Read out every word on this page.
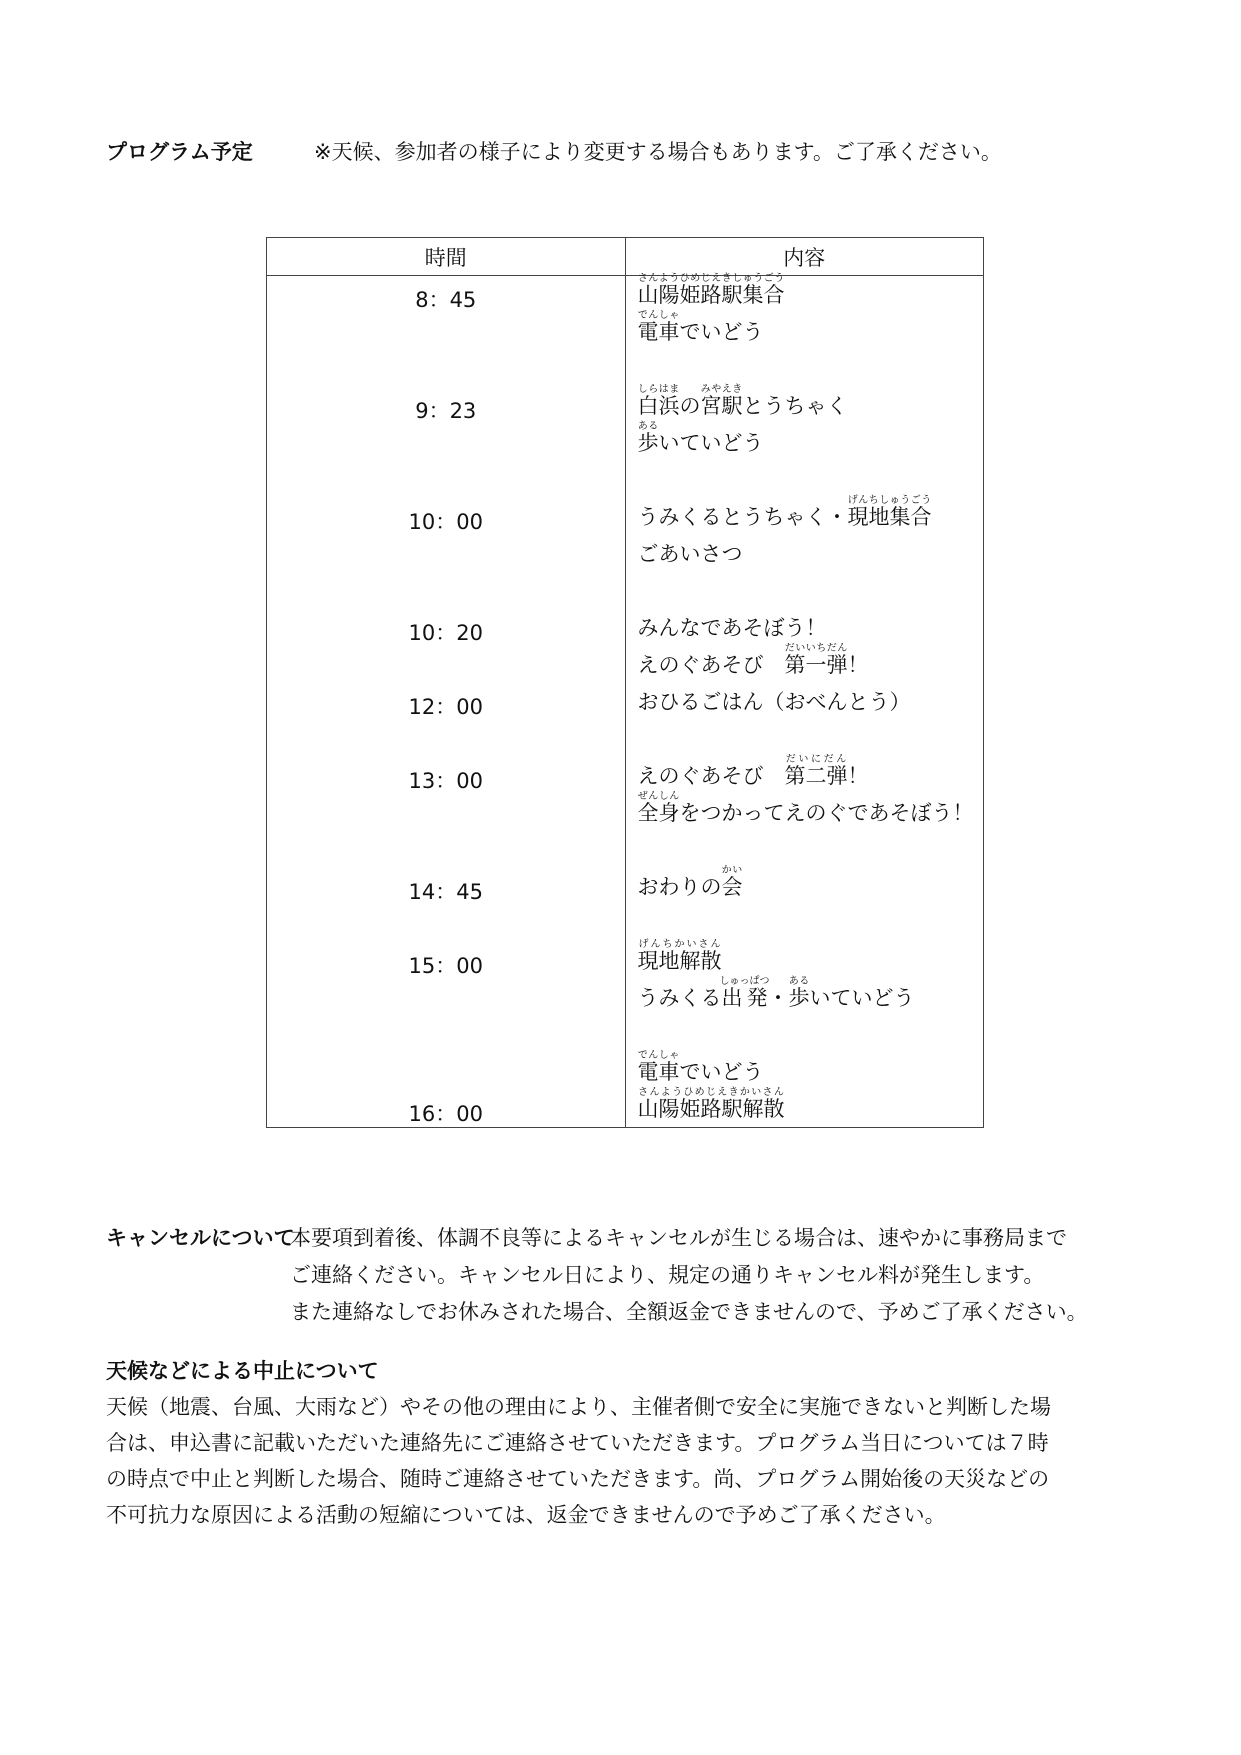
プログラム予定	※天候、参加者の様子により変更する場合もあります。ご了承ください。
時間	内容

8：45	山陽姫路駅集合さんようひめじえきしゅうごう
電車でんしゃでいどう

9：23	白浜しらはまの宮駅みやえきとうちゃく
歩あるいていどう

10：00	うみくるとうちゃく・現地集合げんちしゅうごう
ごあいさつ

10：20	みんなであそぼう！
えのぐあそび　第一弾だいいちだん！

12：00	おひるごはん（おべんとう）

13：00	えのぐあそび　第二弾だいにだん！
全身ぜんしんをつかってえのぐであそぼう！

14：45	おわりの会かい

15：00	現地解散げんちかいさん
うみくる出発しゅっぱつ・歩あるいていどう

16：00	電車でんしゃでいどう
山陽姫路駅解散さんようひめじえきかいさん
キャンセルについて
本要項到着後、体調不良等によるキャンセルが生じる場合は、速やかに事務局まで
ご連絡ください。キャンセル日により、規定の通りキャンセル料が発生します。
また連絡なしでお休みされた場合、全額返金できませんので、予めご了承ください。
天候などによる中止について
天候（地震、台風、大雨など）やその他の理由により、主催者側で安全に実施できないと判断した場
合は、申込書に記載いただいた連絡先にご連絡させていただきます。プログラム当日については７時
の時点で中止と判断した場合、随時ご連絡させていただきます。尚、プログラム開始後の天災などの
不可抗力な原因による活動の短縮については、返金できませんので予めご了承ください。
